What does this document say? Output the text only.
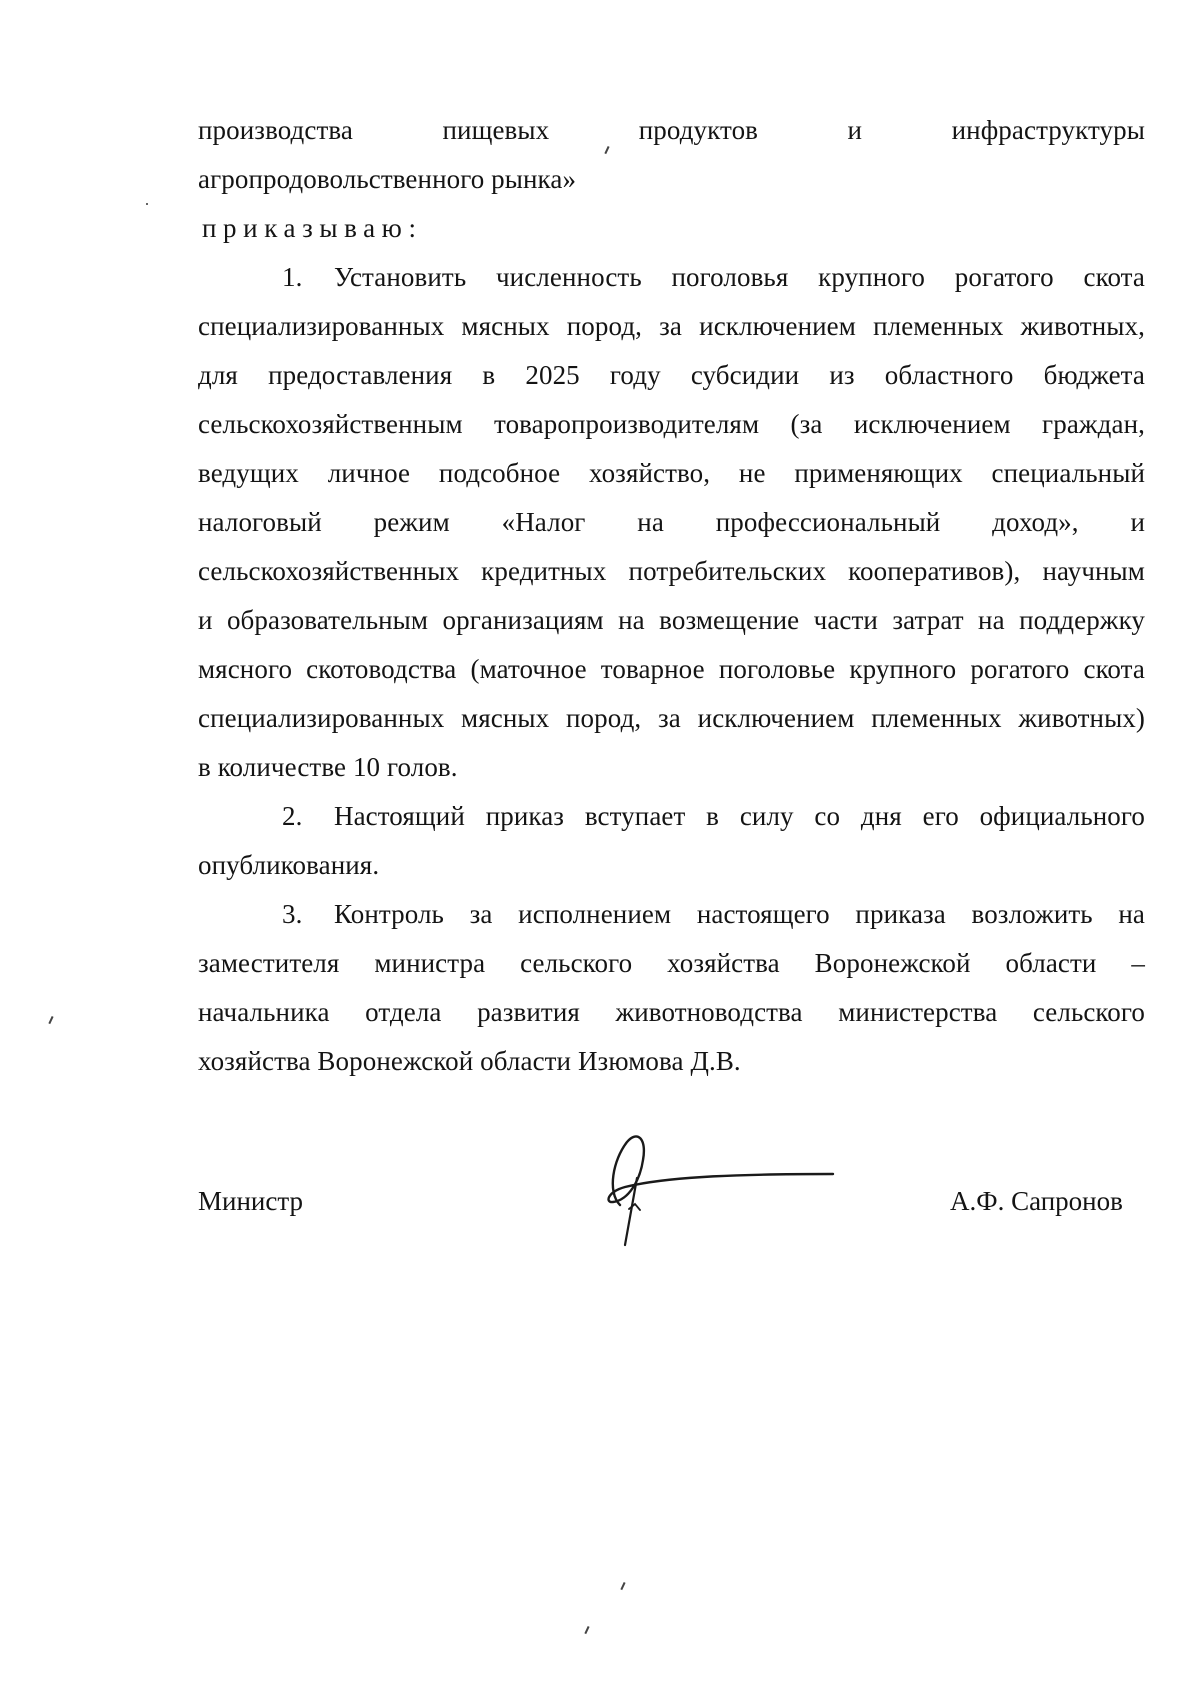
производства	пищевых	продуктов	и	инфраструктуры
агропродовольственного рынка»
приказываю:
1. Установить численность поголовья крупного рогатого скота
специализированных мясных пород, за исключением племенных животных,
для предоставления в 2025 году субсидии из областного бюджета
сельскохозяйственным товаропроизводителям (за исключением граждан,
ведущих личное подсобное хозяйство, не применяющих специальный
налоговый режим «Налог на профессиональный доход», и
сельскохозяйственных кредитных потребительских кооперативов), научным
и образовательным организациям на возмещение части затрат на поддержку
мясного скотоводства (маточное товарное поголовье крупного рогатого скота
специализированных мясных пород, за исключением племенных животных)
в количестве 10 голов.
2. Настоящий приказ вступает в силу со дня его официального
опубликования.
3. Контроль за исполнением настоящего приказа возложить на
заместителя министра сельского хозяйства Воронежской области –
начальника отдела развития животноводства министерства сельского
хозяйства Воронежской области Изюмова Д.В.
Министр	А.Ф. Сапронов
